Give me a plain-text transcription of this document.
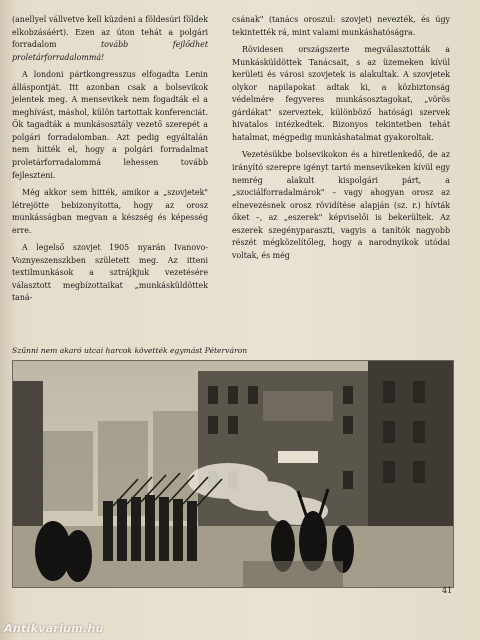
(anellyel vállvetve kell küzdeni a földesúri földek elkobzásáért). Ezen az úton tehát a polgári forradalom	tovább fejlődhet proletárforradalommá!

A londoni pártkongresszus elfogadta Lenin álláspontját. Itt azonban csak a bolsevikok jelentek meg. A mensevikek nem fogadták el a meghívást, máshol, külön tartottak konferenciát. Ők tagadták a munkásosztály vezető szerepét a polgári forradalomban. Azt pedig egyáltalán nem hitték el, hogy a polgári forradalmat proletárforradalommá lehessen tovább fejleszteni.

Még akkor sem hitték, amikor a „szovjetek" létrejötte bebizonyította, hogy az orosz munkásságban megvan a készség és képesség erre.

A legelső szovjet 1905 nyarán Ivanovo-Voznyeszenszkben született meg. Az itteni textilmunkások a sztrájkjuk vezetésére választott megbízottaikat „munkásküldöttek taná-

csának" (tanács oroszul: szovjet) nevezték, és úgy tekintették rá, mint valami munkáshatóságra.

Rövidesen országszerte megválasztották a Munkásküldöttek Tanácsait, s az üzemeken kívül kerületi és városi szovjetek is alakultak. A szovjetek olykor napilapokat adtak ki, a közbiztonság védelmére fegyveres munkásosztagokat, „vörös gárdákat" szerveztek, különböző hatósági szervek hivatalos intézkedtek. Bizonyos tekintetben tehát hatalmat, mégpedig munkáshatalmat gyakoroltak.

Vezetésükbe bolsevikokon és a hiretlenkedő, de az irányító szerepre igényt tartó mensevikeken kívül egy nemrég alakult kispolgári párt, a „szociálforradalmárok" – vagy ahogyan orosz az elnevezésnek orosz rövidítése alapján (sz. r.) hívták őket –, az „eszerek" képviselői is bekerültek. Az eszerek szegényparaszti, vagyis a tanítók nagyobb részét mégközelítőleg, hogy a narodnyikok utódai voltak, és még

Szűnni nem akaró utcai harcok követték egymást Péterváron
41
Antikvarium.hu
